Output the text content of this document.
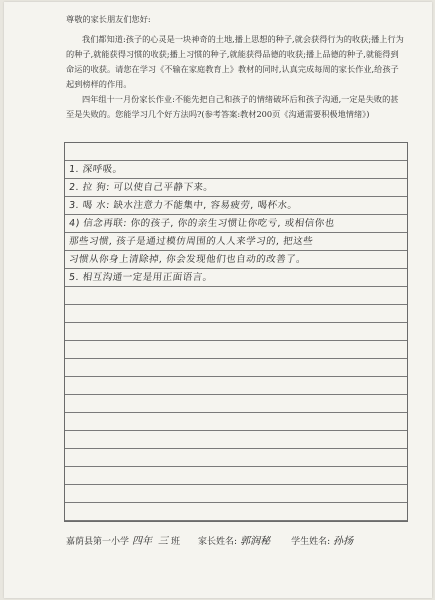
尊敬的家长朋友们您好:
我们都知道:孩子的心灵是一块神奇的土地,播上思想的种子,就会获得行为的收获;播上行为的种子,就能获得习惯的收获;播上习惯的种子,就能获得品德的收获;播上品德的种子,就能得到命运的收获。请您在学习《不输在家庭教育上》教材的同时,认真完成每周的家长作业,给孩子起到榜样的作用。
四年组十一月份家长作业:不能先把自己和孩子的情绪破坏后和孩子沟通,一定是失败的甚至是失败的。您能学习几个好方法吗?(参考答案:教材200页《沟通需要积极地情绪》)
1. 深呼吸。
2. 拉 狗: 可以使自己平静下来。
3. 喝 水: 缺水注意力不能集中, 容易疲劳, 喝杯水。
4) 信念再联: 你的孩子, 你的亲生习惯让你吃亏, 或相信你也
那些习惯, 孩子是通过模仿周围的人人来学习的, 把这些
习惯从你身上清除掉, 你会发现他们也自动的改善了。
5. 相互沟通一定是用正面语言。
嘉荫县第一小学 四年 三 班 家长姓名: 郭润秘 学生姓名: 孙扬
